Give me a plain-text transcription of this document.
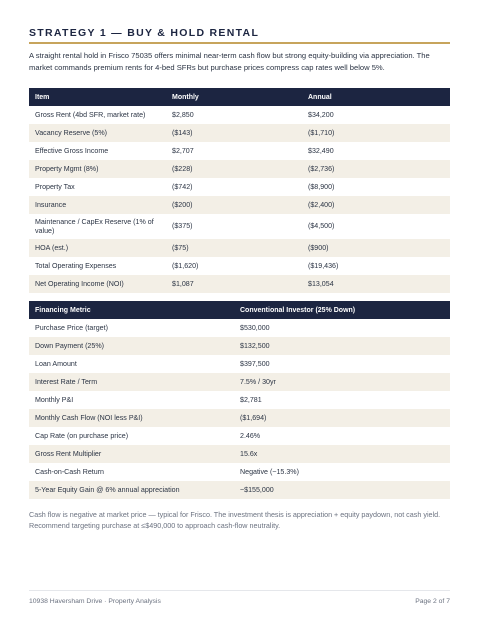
STRATEGY 1 — BUY & HOLD RENTAL

A straight rental hold in Frisco 75035 offers minimal near-term cash flow but strong equity-building via appreciation. The market commands premium rents for 4-bed SFRs but purchase prices compress cap rates well below 5%.

Item	Monthly	Annual
Gross Rent (4bd SFR, market rate)	$2,850	$34,200
Vacancy Reserve (5%)	($143)	($1,710)
Effective Gross Income	$2,707	$32,490
Property Mgmt (8%)	($228)	($2,736)
Property Tax	($742)	($8,900)
Insurance	($200)	($2,400)
Maintenance / CapEx Reserve (1% of value)	($375)	($4,500)
HOA (est.)	($75)	($900)
Total Operating Expenses	($1,620)	($19,436)
Net Operating Income (NOI)	$1,087	$13,054
Financing Metric	Conventional Investor (25% Down)
Purchase Price (target)	$530,000
Down Payment (25%)	$132,500
Loan Amount	$397,500
Interest Rate / Term	7.5% / 30yr
Monthly P&I	$2,781
Monthly Cash Flow (NOI less P&I)	($1,694)
Cap Rate (on purchase price)	2.46%
Gross Rent Multiplier	15.6x
Cash-on-Cash Return	Negative (~15.3%)
5-Year Equity Gain @ 6% annual appreciation	~$155,000

Cash flow is negative at market price — typical for Frisco. The investment thesis is appreciation + equity paydown, not cash yield. Recommend targeting purchase at ≤$490,000 to approach cash-flow neutrality.

10938 Haversham Drive · Property Analysis	Page 2 of 7
